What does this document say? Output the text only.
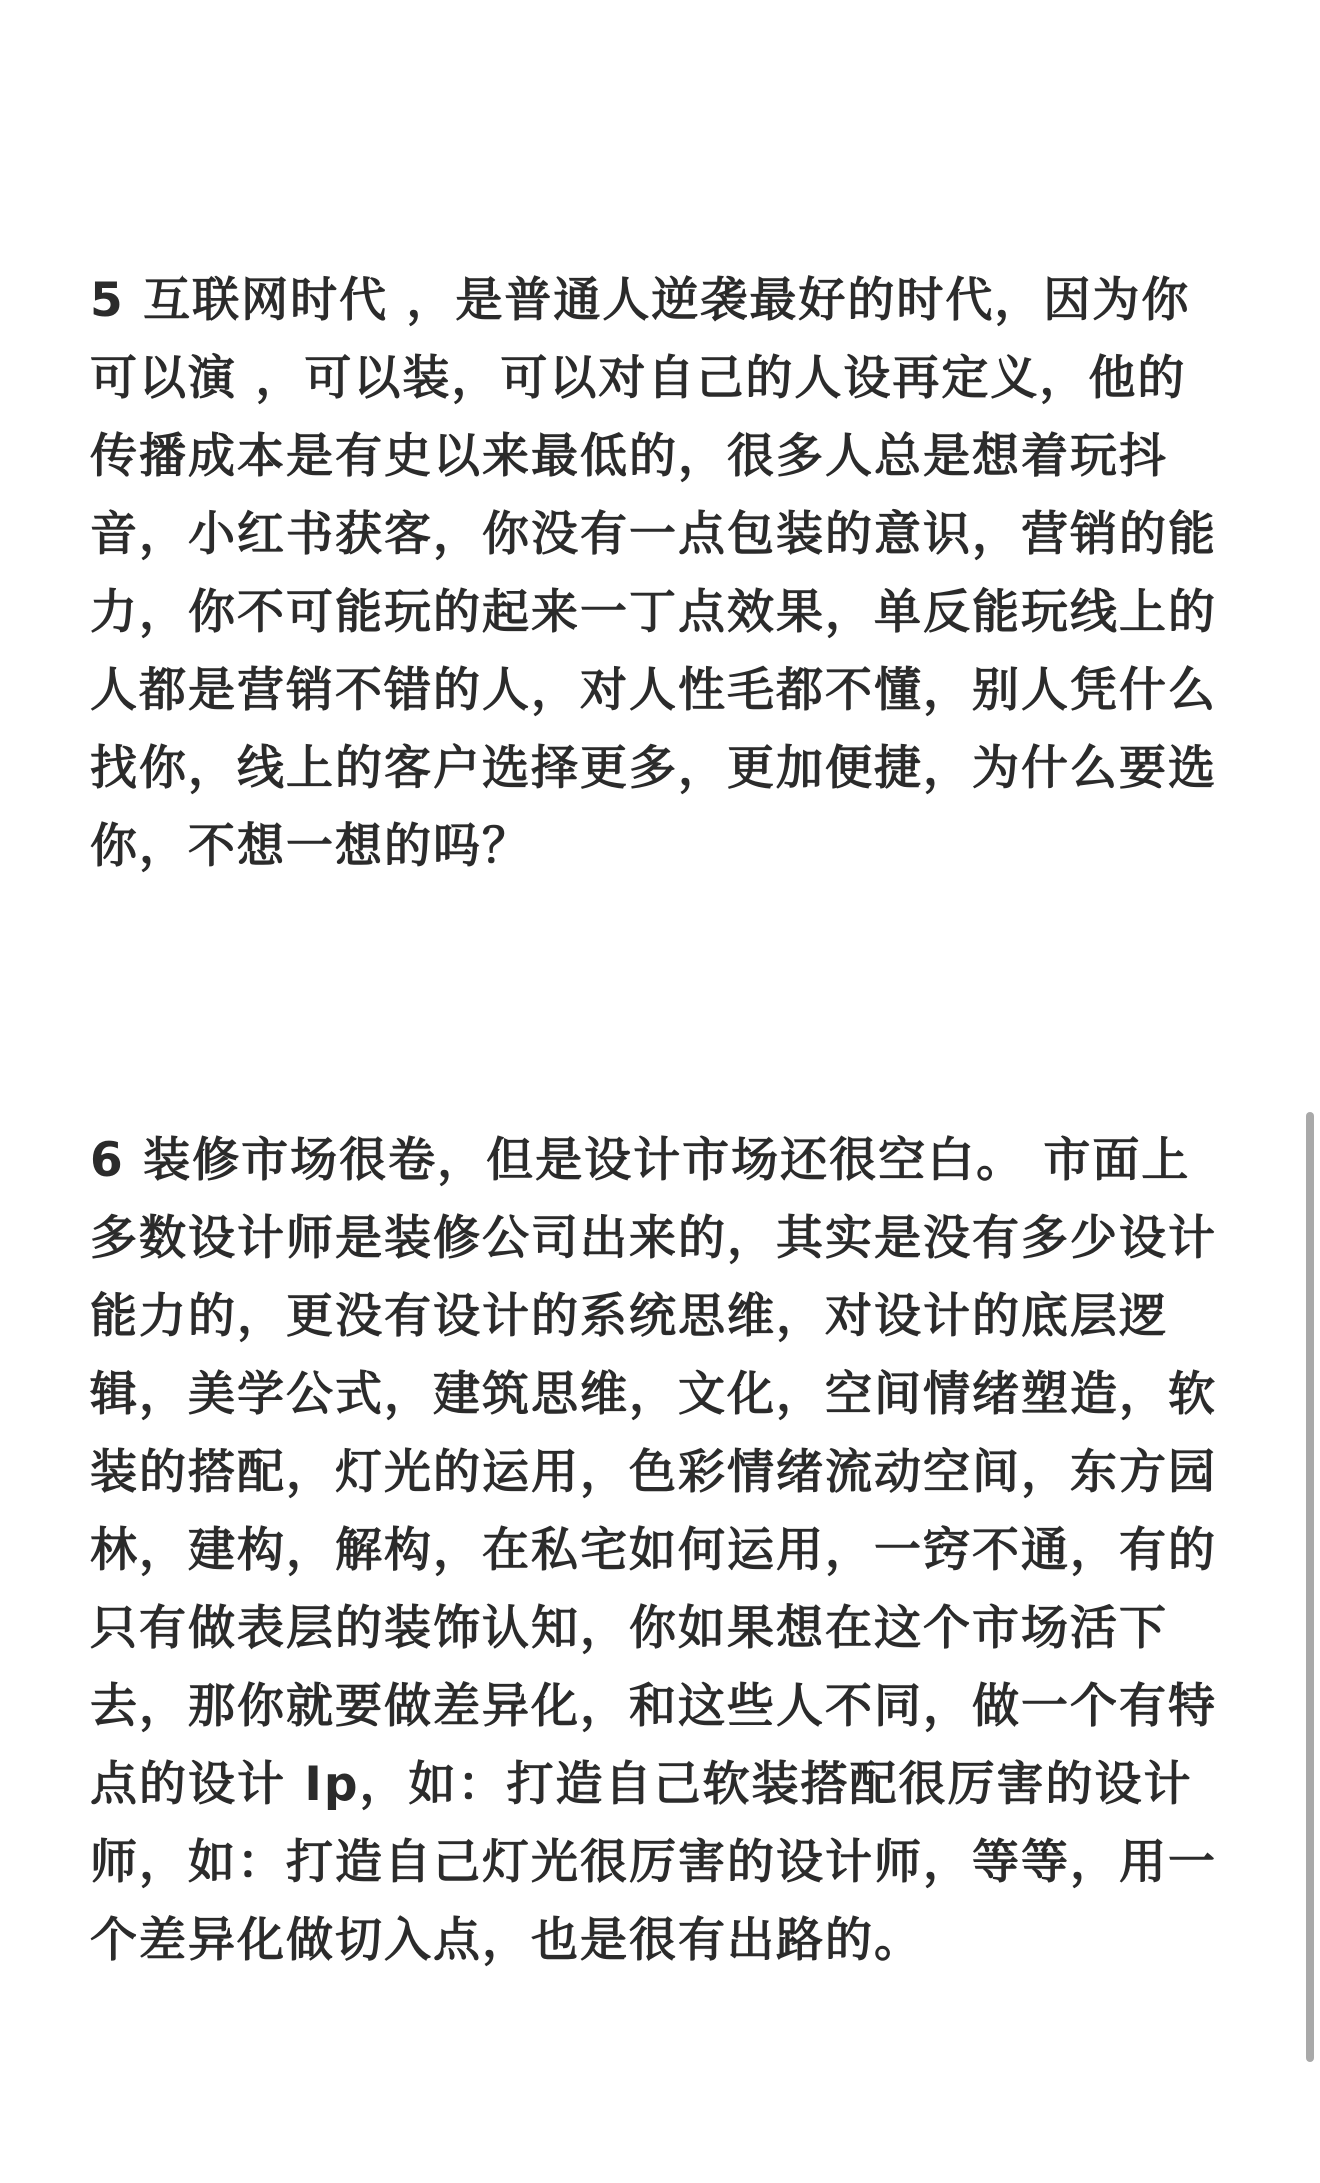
5 互联网时代 ，是普通人逆袭最好的时代，因为你可以演 ，可以装，可以对自己的人设再定义，他的传播成本是有史以来最低的，很多人总是想着玩抖音，小红书获客，你没有一点包装的意识，营销的能力，你不可能玩的起来一丁点效果，单反能玩线上的人都是营销不错的人，对人性毛都不懂，别人凭什么找你，线上的客户选择更多，更加便捷，为什么要选你，不想一想的吗？

6 装修市场很卷，但是设计市场还很空白。 市面上多数设计师是装修公司出来的，其实是没有多少设计能力的，更没有设计的系统思维，对设计的底层逻辑，美学公式，建筑思维，文化，空间情绪塑造，软装的搭配，灯光的运用，色彩情绪流动空间，东方园林，建构，解构，在私宅如何运用，一窍不通，有的只有做表层的装饰认知，你如果想在这个市场活下去，那你就要做差异化，和这些人不同，做一个有特点的设计 Ip，如：打造自己软装搭配很厉害的设计师，如：打造自己灯光很厉害的设计师，等等，用一个差异化做切入点，也是很有出路的。
